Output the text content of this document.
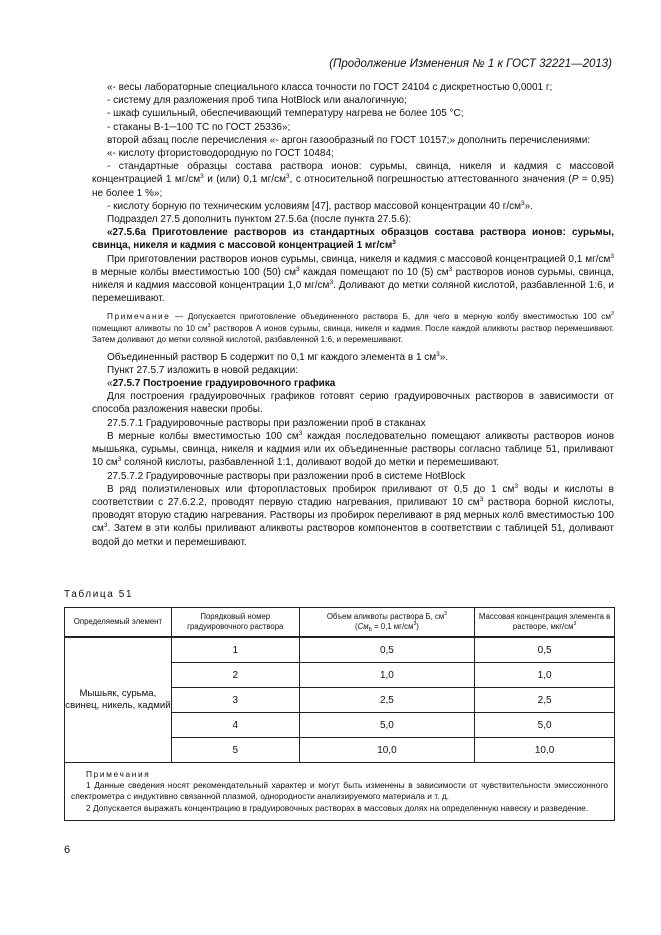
(Продолжение Изменения № 1 к ГОСТ 32221—2013)

«- весы лабораторные специального класса точности по ГОСТ 24104 с дискретностью 0,0001 г;

- систему для разложения проб типа HotBlock или аналогичную;

- шкаф сушильный, обеспечивающий температуру нагрева не более 105 °С;

- стаканы В-1─100 ТС по ГОСТ 25336»;

второй абзац после перечисления «- аргон газообразный по ГОСТ 10157;» дополнить перечислениями:

«- кислоту фтористоводородную по ГОСТ 10484;

- стандартные образцы состава раствора ионов: сурьмы, свинца, никеля и кадмия с массовой концентрацией 1 $мг/см^3$ и (или) 0,1 $мг/см^3$, с относительной погрешностью аттестованного значения (P = 0,95) не более 1 %»;

- кислоту борную по техническим условиям [47], раствор массовой концентрации 40 $г/см^3$».

Подраздел 27.5 дополнить пунктом 27.5.6а (после пункта 27.5.6):

«27.5.6а Приготовление растворов из стандартных образцов состава раствора ионов: сурьмы, свинца, никеля и кадмия с массовой концентрацией 1 $мг/см^3$

При приготовлении растворов ионов сурьмы, свинца, никеля и кадмия с массовой концентрацией 0,1 $мг/см^3$ в мерные колбы вместимостью 100 (50) $см^3$ каждая помещают по 10 (5) $см^3$ растворов ионов сурьмы, свинца, никеля и кадмия массовой концентрации 1,0 $мг/см^3$. Доливают до метки соляной кислотой, разбавленной 1:6, и перемешивают.

Примечание — Допускается приготовление объединенного раствора Б, для чего в мерную колбу вместимостью 100 $см^3$ помещают аликвоты по 10 $см^3$ растворов А ионов сурьмы, свинца, никеля и кадмия. После каждой аликвоты раствор перемешивают. Затем доливают до метки соляной кислотой, разбавленной 1:6, и перемешивают.

Объединенный раствор Б содержит по 0,1 мг каждого элемента в 1 $см^3$».

Пункт 27.5.7 изложить в новой редакции:

«27.5.7 Построение градуировочного графика

Для построения градуировочных графиков готовят серию градуировочных растворов в зависимости от способа разложения навески пробы.

27.5.7.1 Градуировочные растворы при разложении проб в стаканах

В мерные колбы вместимостью 100 $см^3$ каждая последовательно помещают аликвоты растворов ионов мышьяка, сурьмы, свинца, никеля и кадмия или их объединенные растворы согласно таблице 51, приливают 10 $см^3$ соляной кислоты, разбавленной 1:1, доливают водой до метки и перемешивают.

27.5.7.2 Градуировочные растворы при разложении проб в системе HotBlock

В ряд полиэтиленовых или фторопластовых пробирок приливают от 0,5 до 1 $см^3$ воды и кислоты в соответствии с 27.6.2.2, проводят первую стадию нагревания, приливают 10 $см^3$ раствора борной кислоты, проводят вторую стадию нагревания. Растворы из пробирок переливают в ряд мерных колб вместимостью 100 $см^3$. Затем в эти колбы приливают аликвоты растворов компонентов в соответствии с таблицей 51, доливают водой до метки и перемешивают.

Таблица 51
Определяемый элемент	Порядковый номер градуировочного раствора	Объем аликвоты раствора Б, $см^3$
($См_Б = 0,1$ $мг/см^3$)	Массовая концентрация элемента в растворе, мкг/$см^3$
Мышьяк, сурьма, свинец, никель, кадмий	1	0,5	0,5
	2	1,0	1,0
	3	2,5	2,5
	4	5,0	5,0
	5	10,0	10,0

Примечания

1 Данные сведения носят рекомендательный характер и могут быть изменены в зависимости от чувствительности эмиссионного спектрометра с индуктивно связанной плазмой, однородности анализируемого материала и т. д.

2 Допускается выражать концентрацию в градуировочных растворах в массовых долях на определенную навеску и разведение.			

6
